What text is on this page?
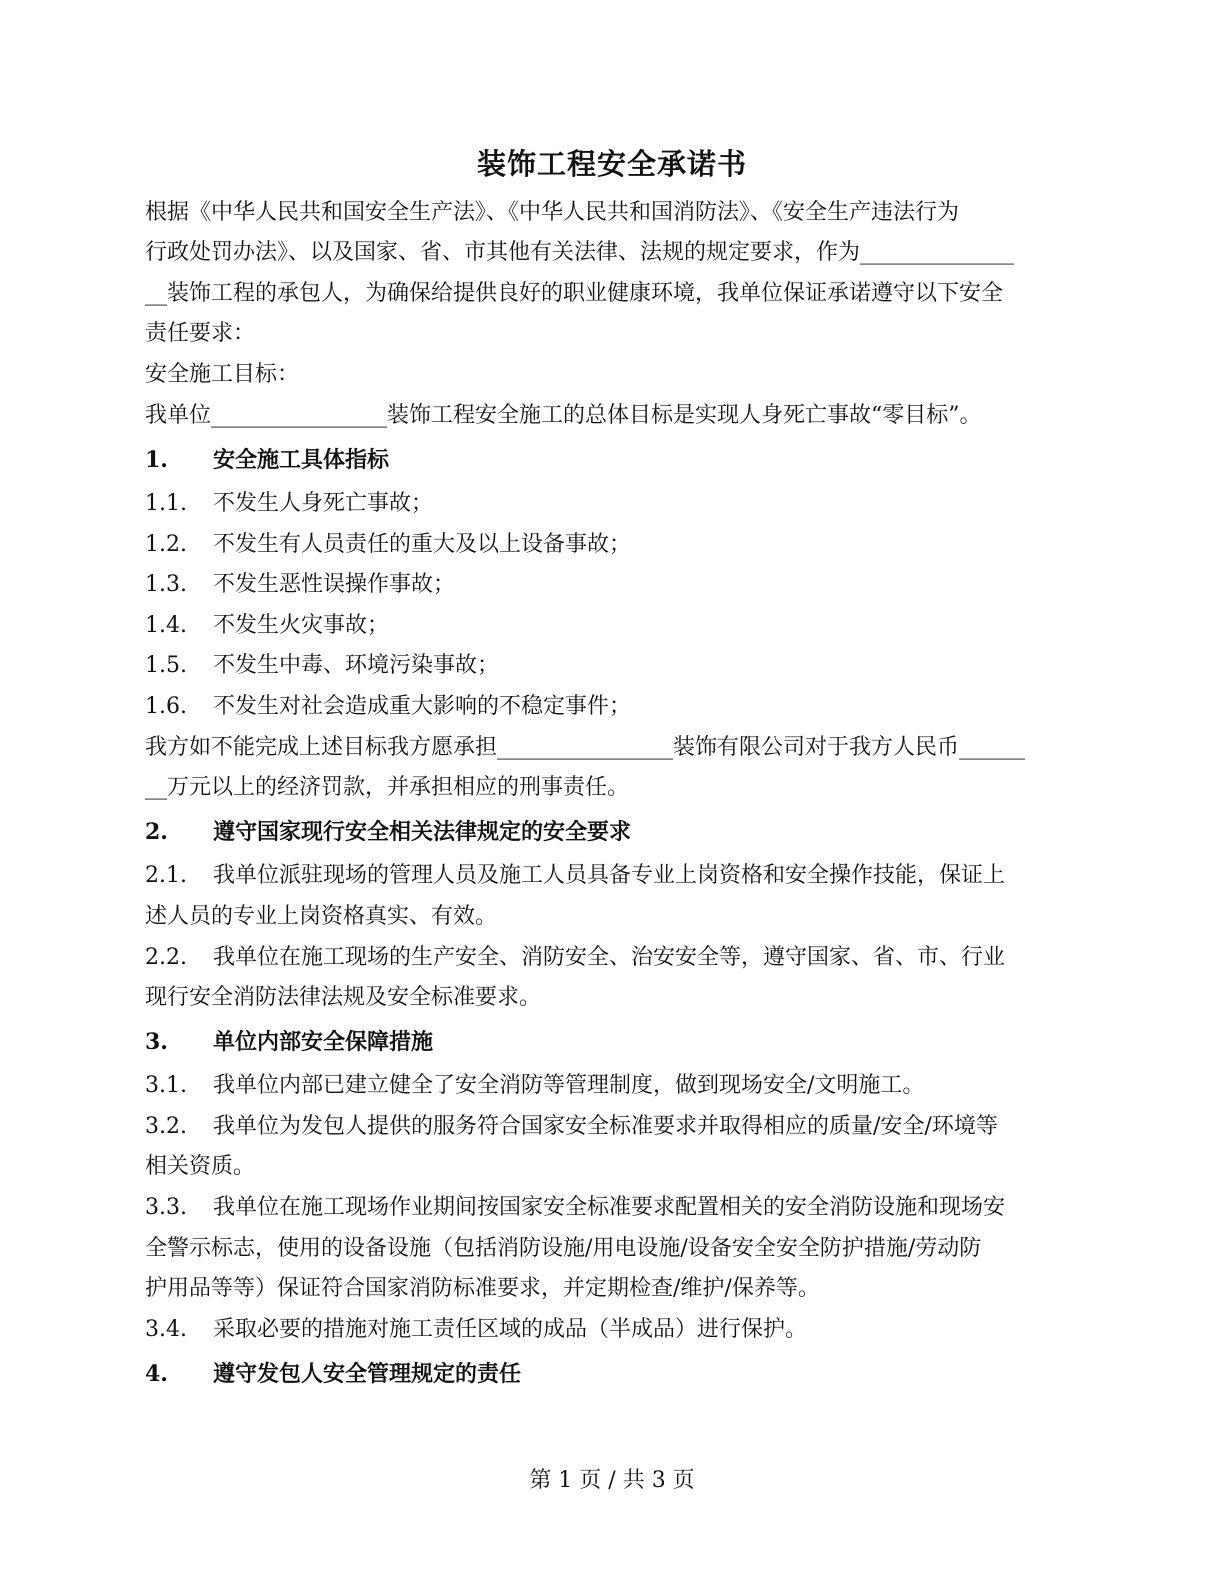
装饰工程安全承诺书
根据《中华人民共和国安全生产法》、《中华人民共和国消防法》、《安全生产违法行为
行政处罚办法》、以及国家、省、市其他有关法律、法规的规定要求，作为______________
__装饰工程的承包人，为确保给提供良好的职业健康环境，我单位保证承诺遵守以下安全
责任要求：
安全施工目标：
我单位________________装饰工程安全施工的总体目标是实现人身死亡事故“零目标”。
1. 安全施工具体指标
1.1. 不发生人身死亡事故；
1.2. 不发生有人员责任的重大及以上设备事故；
1.3. 不发生恶性误操作事故；
1.4. 不发生火灾事故；
1.5. 不发生中毒、环境污染事故；
1.6. 不发生对社会造成重大影响的不稳定事件；
我方如不能完成上述目标我方愿承担________________装饰有限公司对于我方人民币______
__万元以上的经济罚款，并承担相应的刑事责任。
2. 遵守国家现行安全相关法律规定的安全要求
2.1. 我单位派驻现场的管理人员及施工人员具备专业上岗资格和安全操作技能，保证上
述人员的专业上岗资格真实、有效。
2.2. 我单位在施工现场的生产安全、消防安全、治安安全等，遵守国家、省、市、行业
现行安全消防法律法规及安全标准要求。
3. 单位内部安全保障措施
3.1. 我单位内部已建立健全了安全消防等管理制度，做到现场安全/文明施工。
3.2. 我单位为发包人提供的服务符合国家安全标准要求并取得相应的质量/安全/环境等
相关资质。
3.3. 我单位在施工现场作业期间按国家安全标准要求配置相关的安全消防设施和现场安
全警示标志，使用的设备设施（包括消防设施/用电设施/设备安全安全防护措施/劳动防
护用品等等）保证符合国家消防标准要求，并定期检查/维护/保养等。
3.4. 采取必要的措施对施工责任区域的成品（半成品）进行保护。
4. 遵守发包人安全管理规定的责任
第 1 页 / 共 3 页
